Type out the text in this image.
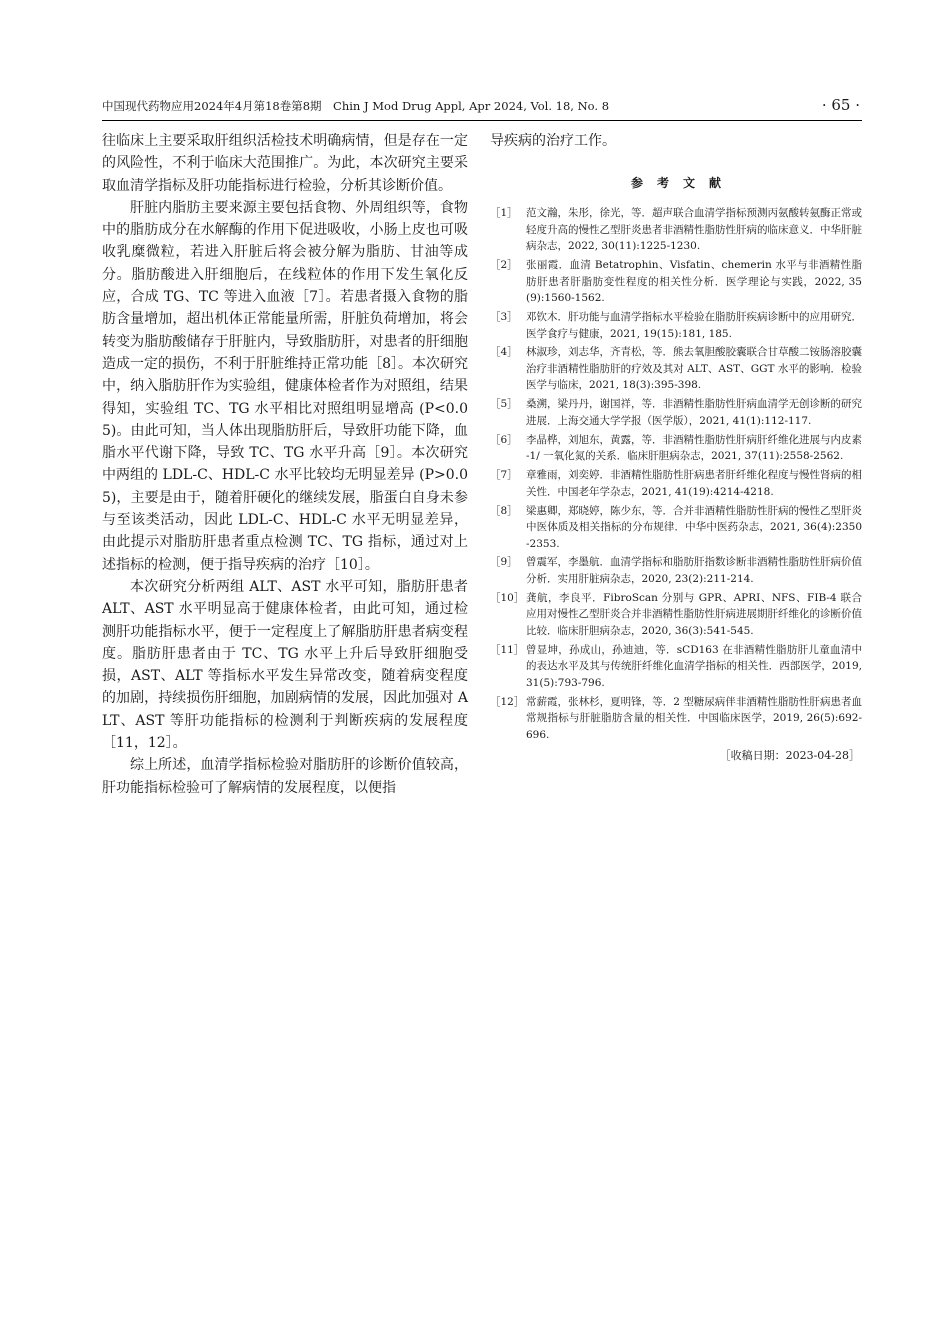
中国现代药物应用2024年4月第18卷第8期　Chin J Mod Drug Appl, Apr 2024, Vol. 18, No. 8	· 65 ·

往临床上主要采取肝组织活检技术明确病情，但是存在一定的风险性，不利于临床大范围推广。为此，本次研究主要采取血清学指标及肝功能指标进行检验，分析其诊断价值。

肝脏内脂肪主要来源主要包括食物、外周组织等，食物中的脂肪成分在水解酶的作用下促进吸收，小肠上皮也可吸收乳糜微粒，若进入肝脏后将会被分解为脂肪、甘油等成分。脂肪酸进入肝细胞后，在线粒体的作用下发生氧化反应，合成 TG、TC 等进入血液［7］。若患者摄入食物的脂肪含量增加，超出机体正常能量所需，肝脏负荷增加，将会转变为脂肪酸储存于肝脏内，导致脂肪肝，对患者的肝细胞造成一定的损伤，不利于肝脏维持正常功能［8］。本次研究中，纳入脂肪肝作为实验组，健康体检者作为对照组，结果得知，实验组 TC、TG 水平相比对照组明显增高 (P<0.05)。由此可知，当人体出现脂肪肝后，导致肝功能下降，血脂水平代谢下降，导致 TC、TG 水平升高［9］。本次研究中两组的 LDL-C、HDL-C 水平比较均无明显差异 (P>0.05)，主要是由于，随着肝硬化的继续发展，脂蛋白自身未参与至该类活动，因此 LDL-C、HDL-C 水平无明显差异，由此提示对脂肪肝患者重点检测 TC、TG 指标，通过对上述指标的检测，便于指导疾病的治疗［10］。

本次研究分析两组 ALT、AST 水平可知，脂肪肝患者 ALT、AST 水平明显高于健康体检者，由此可知，通过检测肝功能指标水平，便于一定程度上了解脂肪肝患者病变程度。脂肪肝患者由于 TC、TG 水平上升后导致肝细胞受损，AST、ALT 等指标水平发生异常改变，随着病变程度的加剧，持续损伤肝细胞，加剧病情的发展，因此加强对 ALT、AST 等肝功能指标的检测利于判断疾病的发展程度［11，12］。

综上所述，血清学指标检验对脂肪肝的诊断价值较高，肝功能指标检验可了解病情的发展程度，以便指

导疾病的治疗工作。

参考文献
［1］ 范文瀚，朱彤，徐光，等．超声联合血清学指标预测丙氨酸转氨酶正常或轻度升高的慢性乙型肝炎患者非酒精性脂肪性肝病的临床意义．中华肝脏病杂志，2022, 30(11):1225-1230.
［2］ 张丽霞．血清 Betatrophin、Visfatin、chemerin 水平与非酒精性脂肪肝患者肝脂肪变性程度的相关性分析．医学理论与实践，2022, 35(9):1560-1562.
［3］ 邓钦木．肝功能与血清学指标水平检验在脂肪肝疾病诊断中的应用研究．医学食疗与健康，2021, 19(15):181, 185.
［4］ 林淑珍，刘志华，齐青松，等．熊去氧胆酸胶囊联合甘草酸二铵肠溶胶囊治疗非酒精性脂肪肝的疗效及其对 ALT、AST、GGT 水平的影响．检验医学与临床，2021, 18(3):395-398.
［5］ 桑溯，梁丹丹，谢国祥，等．非酒精性脂肪性肝病血清学无创诊断的研究进展．上海交通大学学报（医学版），2021, 41(1):112-117.
［6］ 李晶桦，刘旭东，黄露，等．非酒精性脂肪性肝病肝纤维化进展与内皮素 -1/ 一氧化氮的关系．临床肝胆病杂志，2021, 37(11):2558-2562.
［7］ 章雅雨，刘奕婷．非酒精性脂肪性肝病患者肝纤维化程度与慢性肾病的相关性．中国老年学杂志，2021, 41(19):4214-4218.
［8］ 梁惠卿，郑晓婷，陈少东，等．合并非酒精性脂肪性肝病的慢性乙型肝炎中医体质及相关指标的分布规律．中华中医药杂志，2021, 36(4):2350-2353.
［9］ 曾震军，李墨航．血清学指标和脂肪肝指数诊断非酒精性脂肪性肝病价值分析．实用肝脏病杂志，2020, 23(2):211-214.
［10］ 龚航，李良平．FibroScan 分别与 GPR、APRI、NFS、FIB-4 联合应用对慢性乙型肝炎合并非酒精性脂肪性肝病进展期肝纤维化的诊断价值比较．临床肝胆病杂志，2020, 36(3):541-545.
［11］ 曾显坤，孙成山，孙迪迪，等．sCD163 在非酒精性脂肪肝儿童血清中的表达水平及其与传统肝纤维化血清学指标的相关性．西部医学，2019, 31(5):793-796.
［12］ 常薪霞，张林杉，夏明锋，等．2 型糖尿病伴非酒精性脂肪性肝病患者血常规指标与肝脏脂肪含量的相关性．中国临床医学，2019, 26(5):692-696.
［收稿日期：2023-04-28］
